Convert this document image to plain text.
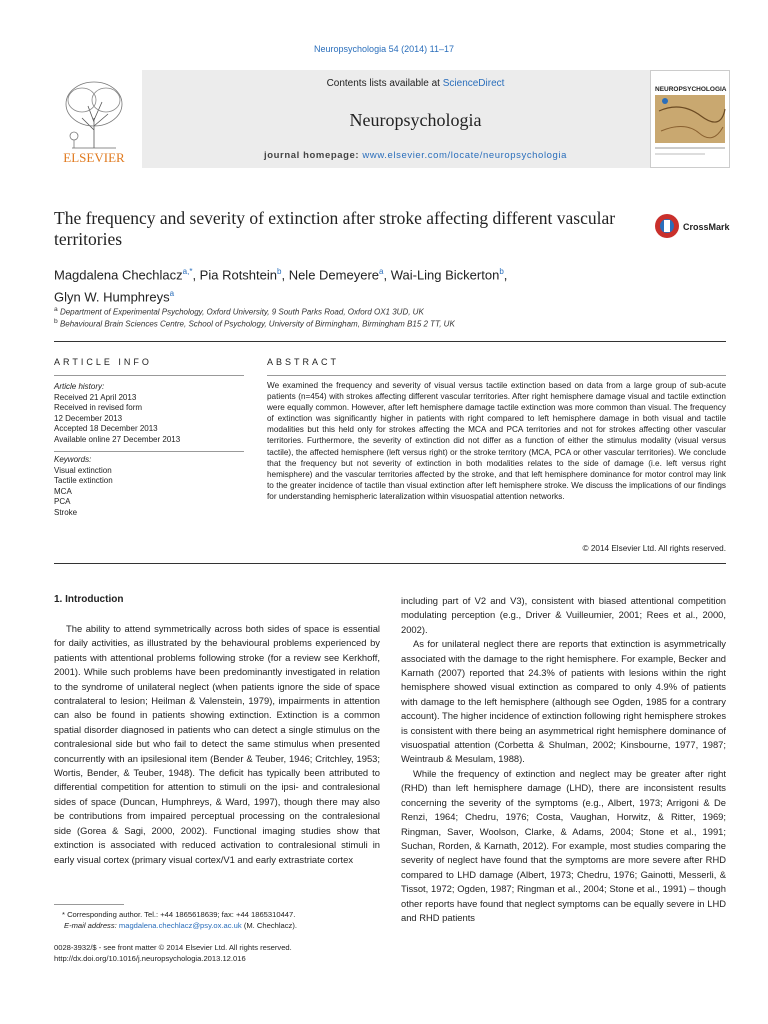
Neuropsychologia 54 (2014) 11–17
ELSEVIER
Contents lists available at ScienceDirect
Neuropsychologia
journal homepage: www.elsevier.com/locate/neuropsychologia
NEUROPSYCHOLOGIA
The frequency and severity of extinction after stroke affecting different vascular territories
CrossMark
Magdalena Chechlacz$^{a,*}$, Pia Rotshtein$^b$, Nele Demeyere$^a$, Wai-Ling Bickerton$^b$,
Glyn W. Humphreys$^a$
$^a$ Department of Experimental Psychology, Oxford University, 9 South Parks Road, Oxford OX1 3UD, UK
$^b$ Behavioural Brain Sciences Centre, School of Psychology, University of Birmingham, Birmingham B15 2 TT, UK
ARTICLE INFO
Article history:
Received 21 April 2013
Received in revised form
12 December 2013
Accepted 18 December 2013
Available online 27 December 2013
Keywords:
Visual extinction
Tactile extinction
MCA
PCA
Stroke
ABSTRACT
We examined the frequency and severity of visual versus tactile extinction based on data from a large group of sub-acute patients (n=454) with strokes affecting different vascular territories. After right hemisphere damage visual and tactile extinction were equally common. However, after left hemisphere damage tactile extinction was more common than visual. The frequency of extinction was significantly higher in patients with right compared to left hemisphere damage in both visual and tactile modalities but this held only for strokes affecting the MCA and PCA territories and not for strokes affecting other vascular territories. Furthermore, the severity of extinction did not differ as a function of either the stimulus modality (visual versus tactile), the affected hemisphere (left versus right) or the stroke territory (MCA, PCA or other vascular territories). We conclude that the frequency but not severity of extinction in both modalities relates to the side of damage (i.e. left versus right hemisphere) and the vascular territories affected by the stroke, and that left hemisphere dominance for motor control may link to the greater incidence of tactile than visual extinction after left hemisphere stroke. We discuss the implications of our findings for understanding hemispheric lateralization within visuospatial attention networks.
© 2014 Elsevier Ltd. All rights reserved.
1. Introduction

The ability to attend symmetrically across both sides of space is essential for daily activities, as illustrated by the behavioural problems experienced by patients with attentional problems following stroke (for a review see Kerkhoff, 2001). While such problems have been predominantly investigated in relation to the syndrome of unilateral neglect (when patients ignore the side of space contralateral to lesion; Heilman & Valenstein, 1979), impairments in attention can also be found in patients showing extinction. Extinction is a common spatial disorder diagnosed in patients who can detect a single stimulus on the contralesional side but who fail to detect the same stimulus when presented concurrently with an ipsilesional item (Bender & Teuber, 1946; Critchley, 1953; Wortis, Bender, & Teuber, 1948). The deficit has typically been attributed to differential competition for attention to stimuli on the ipsi- and contralesional sides of space (Duncan, Humphreys, & Ward, 1997), though there may also be contributions from impaired perceptual processing on the contralesional side (Gorea & Sagi, 2000, 2002). Functional imaging studies show that extinction is associated with reduced activation to contralesional stimuli in early visual cortex (primary visual cortex/V1 and early extrastriate cortex

including part of V2 and V3), consistent with biased attentional competition modulating perception (e.g., Driver & Vuilleumier, 2001; Rees et al., 2000, 2002).

As for unilateral neglect there are reports that extinction is asymmetrically associated with the damage to the right hemisphere. For example, Becker and Karnath (2007) reported that 24.3% of patients with lesions within the right hemisphere showed visual extinction as compared to only 4.9% of patients with damage to the left hemisphere (although see Ogden, 1985 for a contrary account). The higher incidence of extinction following right hemisphere strokes is consistent with there being an asymmetrical right hemisphere dominance of visuospatial attention (Corbetta & Shulman, 2002; Kinsbourne, 1977, 1987; Weintraub & Mesulam, 1988).

While the frequency of extinction and neglect may be greater after right (RHD) than left hemisphere damage (LHD), there are inconsistent results concerning the severity of the symptoms (e.g., Albert, 1973; Arrigoni & De Renzi, 1964; Chedru, 1976; Costa, Vaughan, Horwitz, & Ritter, 1969; Ringman, Saver, Woolson, Clarke, & Adams, 2004; Stone et al., 1991; Suchan, Rorden, & Karnath, 2012). For example, most studies comparing the severity of neglect have found that the symptoms are more severe after RHD compared to LHD damage (Albert, 1973; Chedru, 1976; Gainotti, Messerli, & Tissot, 1972; Ogden, 1987; Ringman et al., 2004; Stone et al., 1991) – though other reports have found that neglect symptoms can be equally severe in LHD and RHD patients

* Corresponding author. Tel.: +44 1865618639; fax: +44 1865310447.
E-mail address: magdalena.chechlacz@psy.ox.ac.uk (M. Chechlacz).
0028-3932/$ - see front matter © 2014 Elsevier Ltd. All rights reserved.
http://dx.doi.org/10.1016/j.neuropsychologia.2013.12.016
